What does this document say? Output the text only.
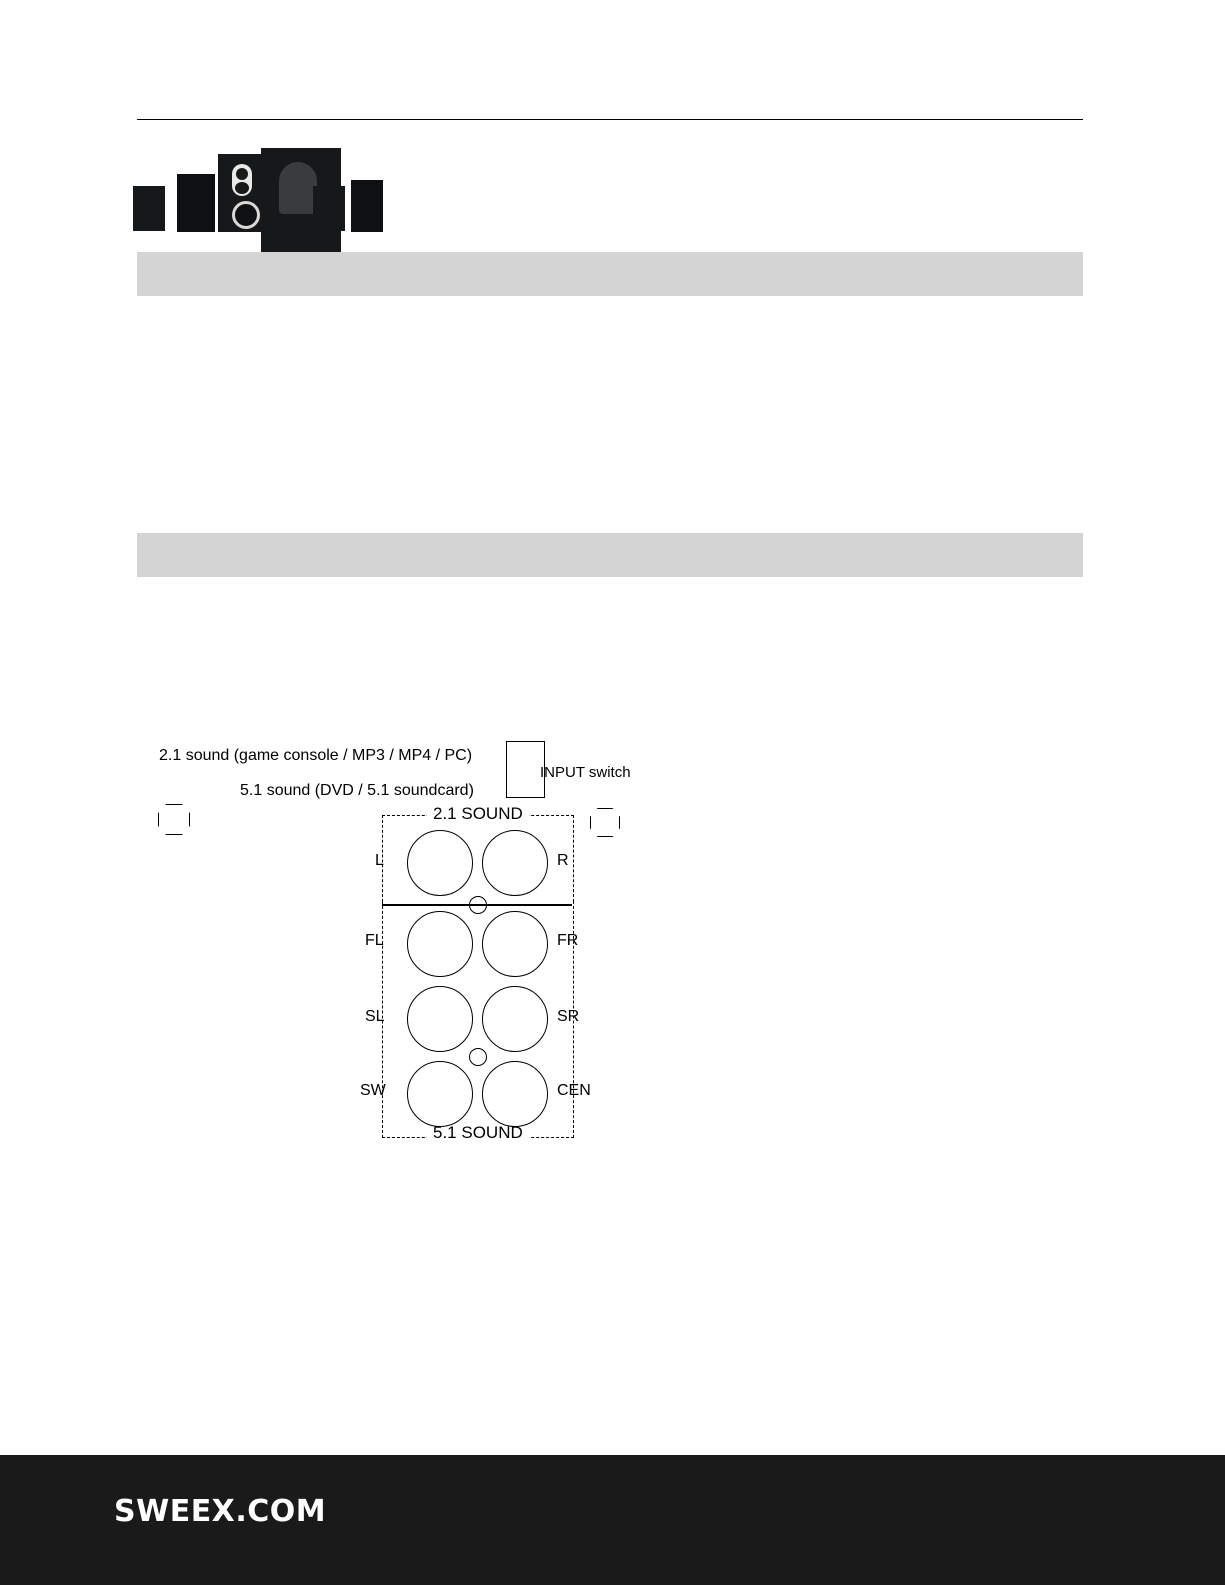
2.1 sound (game console / MP3 / MP4 / PC)
5.1 sound (DVD / 5.1 soundcard)
INPUT switch
2.1 SOUND
5.1 SOUND
L	R
FL	FR
SL	SR
SW	CEN
SWEEX.COM
